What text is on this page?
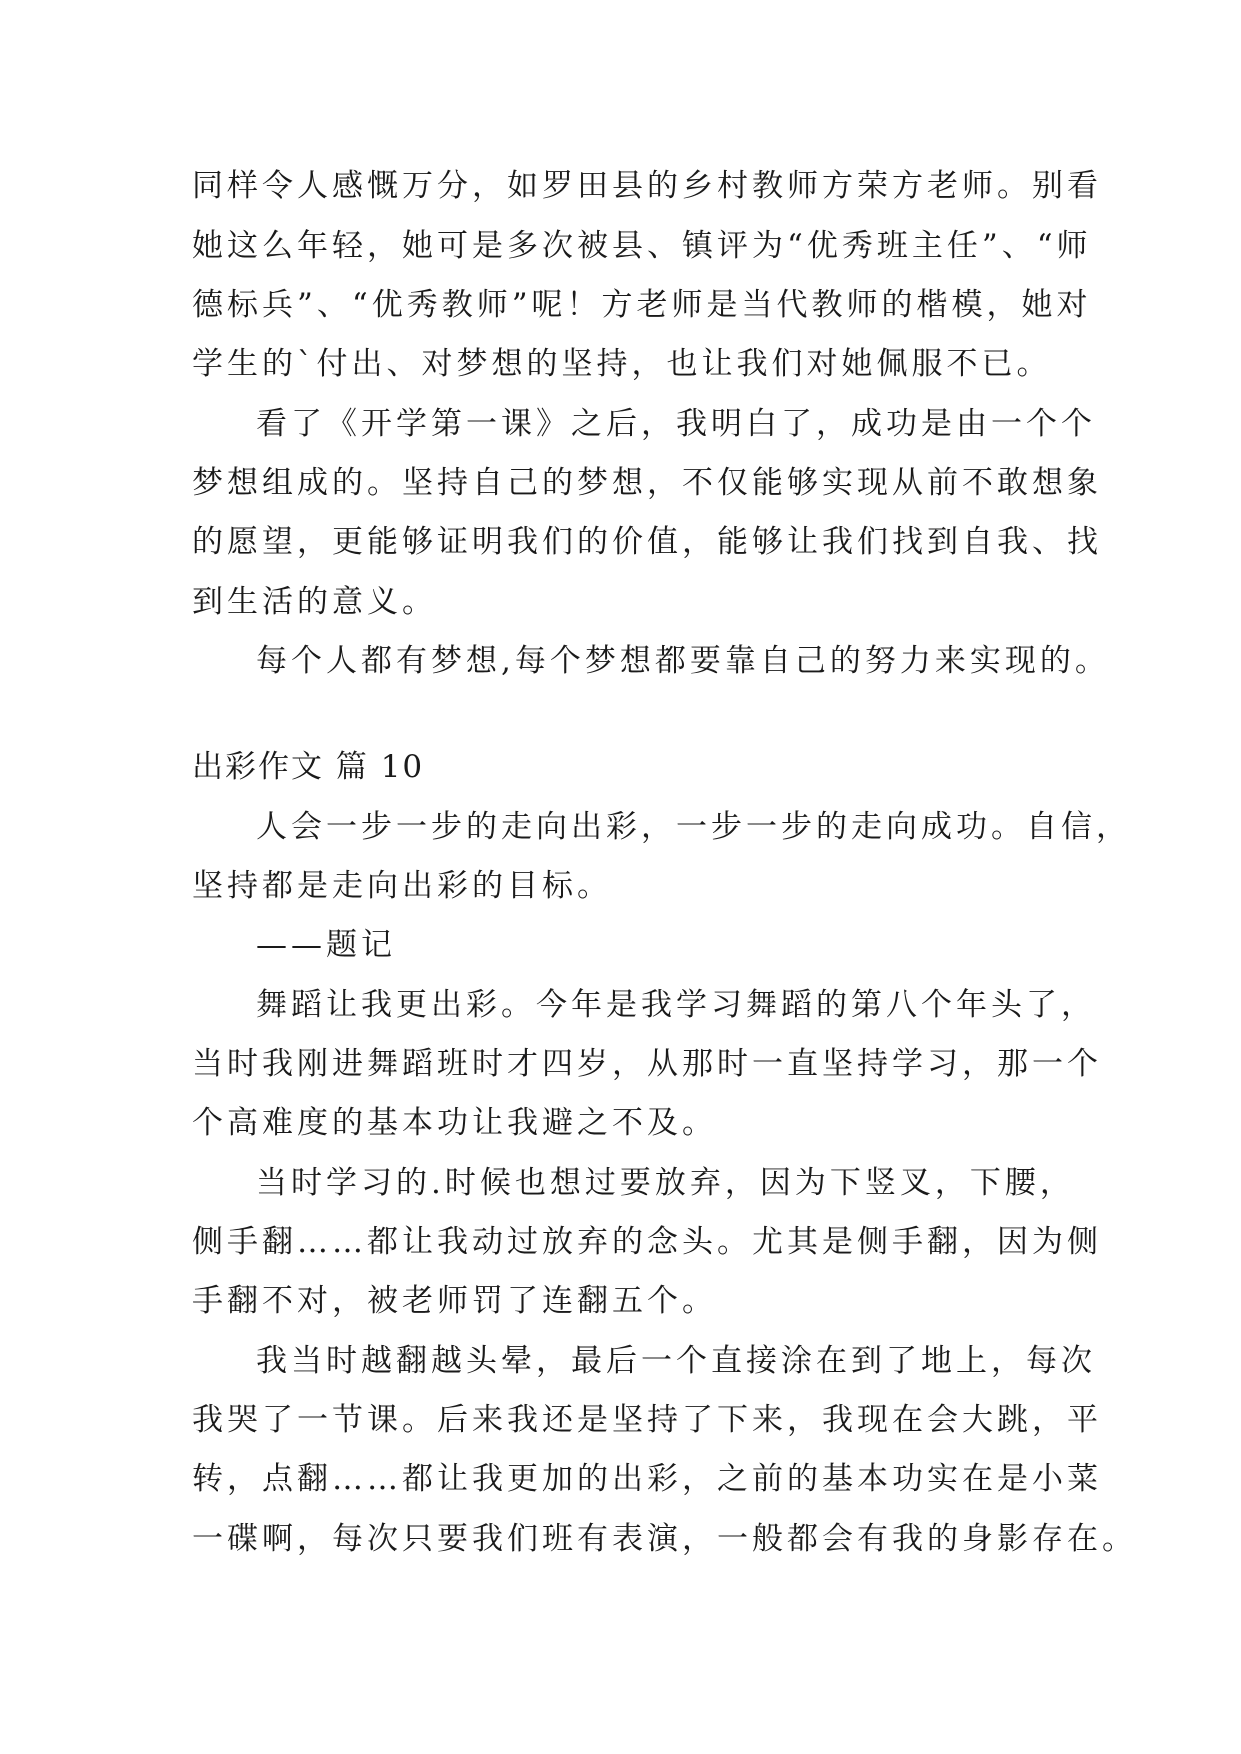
同样令人感慨万分，如罗田县的乡村教师方荣方老师。别看
她这么年轻，她可是多次被县、镇评为“优秀班主任”、“师
德标兵”、“优秀教师”呢！方老师是当代教师的楷模，她对
学生的`付出、对梦想的坚持，也让我们对她佩服不已。
看了《开学第一课》之后，我明白了，成功是由一个个
梦想组成的。坚持自己的梦想，不仅能够实现从前不敢想象
的愿望，更能够证明我们的价值，能够让我们找到自我、找
到生活的意义。
每个人都有梦想,每个梦想都要靠自己的努力来实现的。
出彩作文 篇 10
人会一步一步的走向出彩，一步一步的走向成功。自信，
坚持都是走向出彩的目标。
——题记
舞蹈让我更出彩。今年是我学习舞蹈的第八个年头了，
当时我刚进舞蹈班时才四岁，从那时一直坚持学习，那一个
个高难度的基本功让我避之不及。
当时学习的.时候也想过要放弃，因为下竖叉，下腰，
侧手翻……都让我动过放弃的念头。尤其是侧手翻，因为侧
手翻不对，被老师罚了连翻五个。
我当时越翻越头晕，最后一个直接涂在到了地上，每次
我哭了一节课。后来我还是坚持了下来，我现在会大跳，平
转，点翻……都让我更加的出彩，之前的基本功实在是小菜
一碟啊，每次只要我们班有表演，一般都会有我的身影存在。
